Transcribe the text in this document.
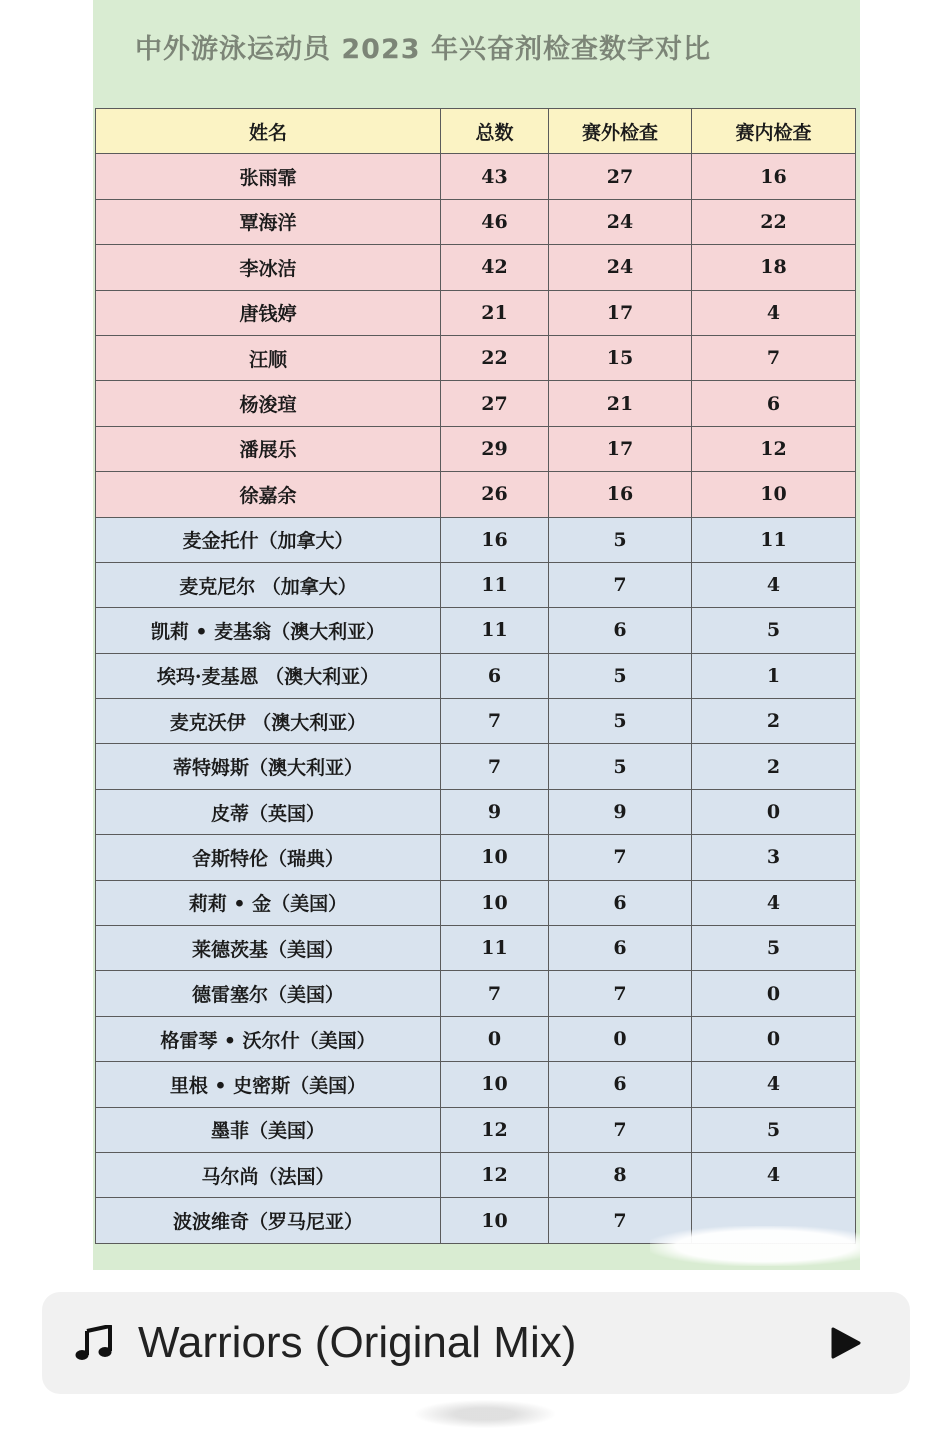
中外游泳运动员 2023 年兴奋剂检查数字对比
姓名	总数	赛外检查	赛内检查
张雨霏	43	27	16
覃海洋	46	24	22
李冰洁	42	24	18
唐钱婷	21	17	4
汪顺	22	15	7
杨浚瑄	27	21	6
潘展乐	29	17	12
徐嘉余	26	16	10
麦金托什（加拿大）	16	5	11
麦克尼尔 （加拿大）	11	7	4
凯莉 • 麦基翁（澳大利亚）	11	6	5
埃玛·麦基恩 （澳大利亚）	6	5	1
麦克沃伊 （澳大利亚）	7	5	2
蒂特姆斯（澳大利亚）	7	5	2
皮蒂（英国）	9	9	0
舍斯特伦（瑞典）	10	7	3
莉莉 • 金（美国）	10	6	4
莱德茨基（美国）	11	6	5
德雷塞尔（美国）	7	7	0
格雷琴 • 沃尔什（美国）	0	0	0
里根 • 史密斯（美国）	10	6	4
墨菲（美国）	12	7	5
马尔尚（法国）	12	8	4
波波维奇（罗马尼亚）	10	7	
Warriors (Original Mix)
